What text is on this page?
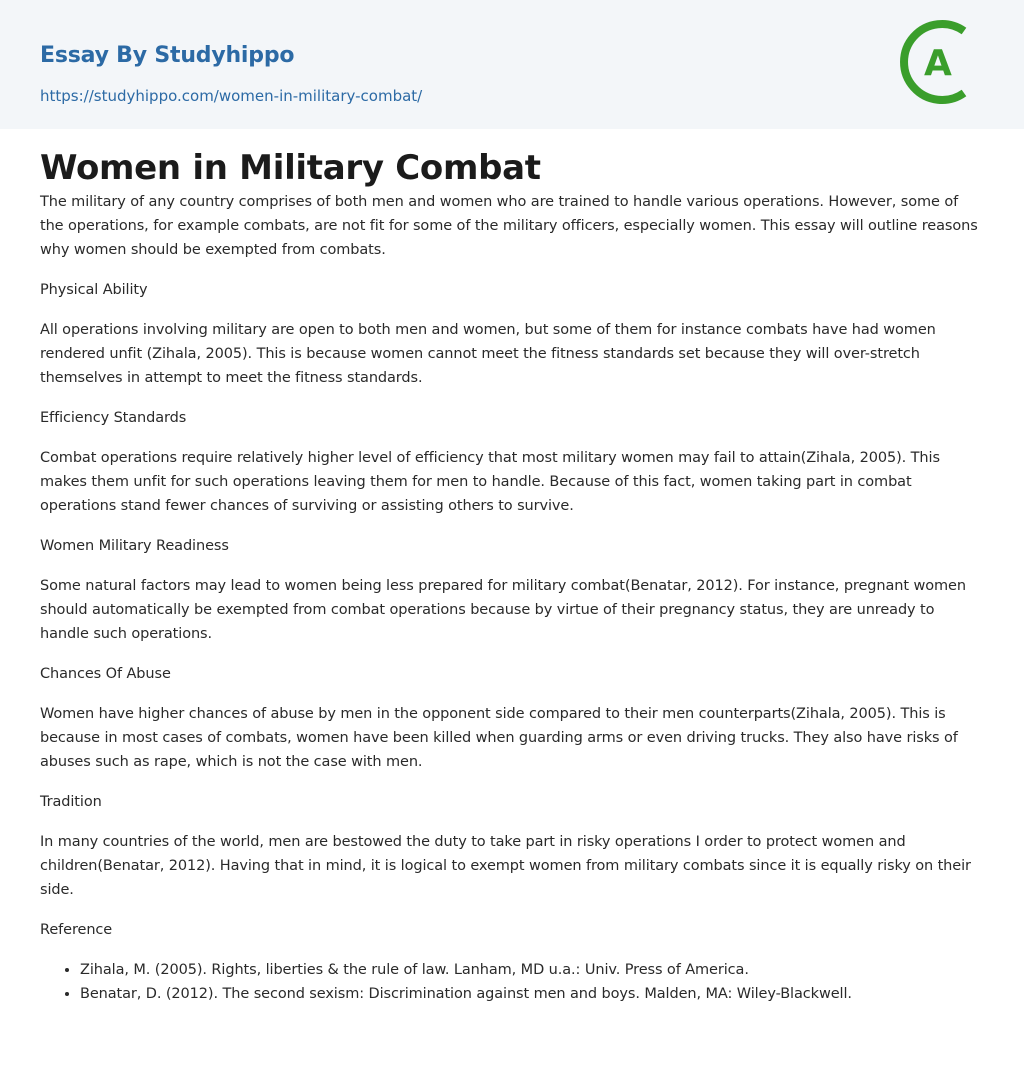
Essay By Studyhippo
https://studyhippo.com/women-in-military-combat/
A
Women in Military Combat

The military of any country comprises of both men and women who are trained to handle various operations. However, some of the operations, for example combats, are not fit for some of the military officers, especially women. This essay will outline reasons why women should be exempted from combats.

Physical Ability

All operations involving military are open to both men and women, but some of them for instance combats have had women rendered unfit (Zihala, 2005). This is because women cannot meet the fitness standards set because they will over-stretch themselves in attempt to meet the fitness standards.

Efficiency Standards

Combat operations require relatively higher level of efficiency that most military women may fail to attain(Zihala, 2005). This makes them unfit for such operations leaving them for men to handle. Because of this fact, women taking part in combat operations stand fewer chances of surviving or assisting others to survive.

Women Military Readiness

Some natural factors may lead to women being less prepared for military combat(Benatar, 2012). For instance, pregnant women should automatically be exempted from combat operations because by virtue of their pregnancy status, they are unready to handle such operations.

Chances Of Abuse

Women have higher chances of abuse by men in the opponent side compared to their men counterparts(Zihala, 2005). This is because in most cases of combats, women have been killed when guarding arms or even driving trucks. They also have risks of abuses such as rape, which is not the case with men.

Tradition

In many countries of the world, men are bestowed the duty to take part in risky operations I order to protect women and children(Benatar, 2012). Having that in mind, it is logical to exempt women from military combats since it is equally risky on their side.

Reference

• Zihala, M. (2005). Rights, liberties & the rule of law. Lanham, MD u.a.: Univ. Press of America.
• Benatar, D. (2012). The second sexism: Discrimination against men and boys. Malden, MA: Wiley-Blackwell.
